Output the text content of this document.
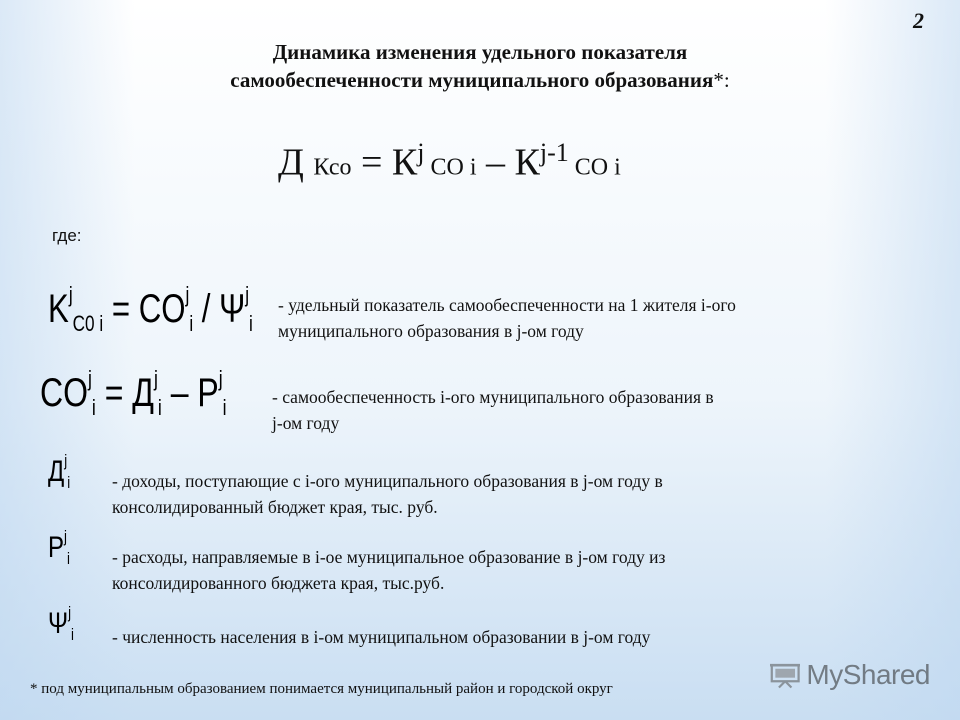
2
Динамика изменения удельного показателя
самообеспеченности муниципального образования*:
Д Ксо = $К^j$ СО i – $К^{j-1}$ СО i
где:
$K^j_{C0 i} = CO^j_i / \Psi^j_i$
- удельный показатель самообеспеченности на 1 жителя i-ого
муниципального образования в j-ом году
$CO^j_i = Д^j_i - P^j_i$	- самообеспеченность i-ого муниципального образования в
j-ом году
$Д^j_i$ - доходы, поступающие с i-ого муниципального образования в j-ом году в
консолидированный бюджет края, тыс. руб.
$P^j_i$ - расходы, направляемые в i-ое муниципальное образование в j-ом году из
консолидированного бюджета края, тыс.руб.
$\Psi^j_i$ - численность населения в i-ом муниципальном образовании в j-ом году
* под муниципальным образованием понимается муниципальный район и городской округ	MyShared
